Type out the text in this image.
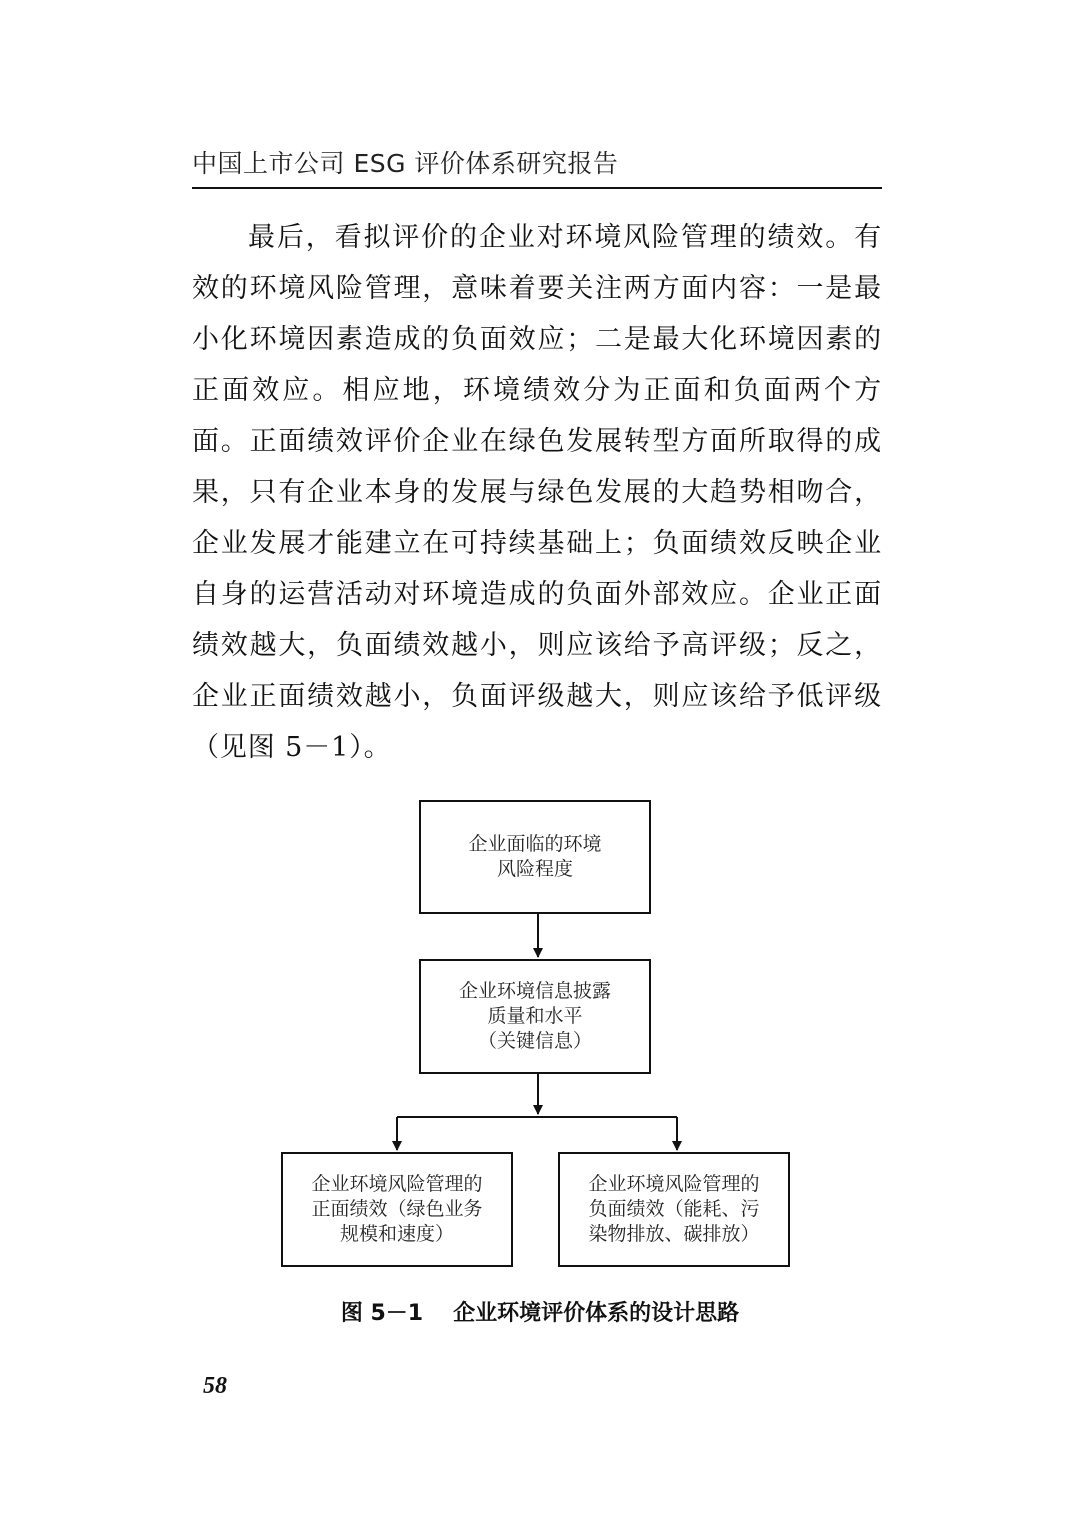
中国上市公司 ESG 评价体系研究报告

最后，看拟评价的企业对环境风险管理的绩效。有效的环境风险管理，意味着要关注两方面内容：一是最小化环境因素造成的负面效应；二是最大化环境因素的正面效应。相应地，环境绩效分为正面和负面两个方面。正面绩效评价企业在绿色发展转型方面所取得的成果，只有企业本身的发展与绿色发展的大趋势相吻合，企业发展才能建立在可持续基础上；负面绩效反映企业自身的运营活动对环境造成的负面外部效应。企业正面绩效越大，负面绩效越小，则应该给予高评级；反之，企业正面绩效越小，负面评级越大，则应该给予低评级（见图 5－1）。

企业面临的环境
风险程度
企业环境信息披露
质量和水平
（关键信息）
企业环境风险管理的
正面绩效（绿色业务
规模和速度）
企业环境风险管理的
负面绩效（能耗、污
染物排放、碳排放）
图 5－1 企业环境评价体系的设计思路
58
